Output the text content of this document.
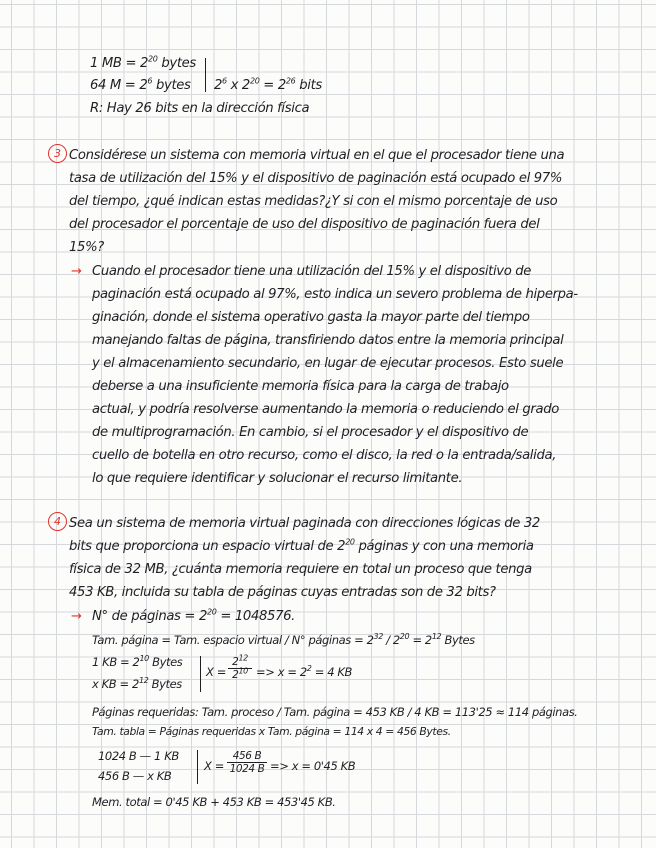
1 MB = $2^{20}$ bytes
64 $M = 2^6$ bytes $2^6$ x $2^{20} = 2^{26}$ bits
R: Hay 26 bits en la dirección física
3 Considérese un sistema con memoria virtual en el que el procesador tiene una
tasa de utilización del 15% y el dispositivo de paginación está ocupado el 97%
del tiempo, ¿qué indican estas medidas?¿Y si con el mismo porcentaje de uso
del procesador el porcentaje de uso del dispositivo de paginación fuera del
15%?
→ Cuando el procesador tiene una utilización del 15% y el dispositivo de
paginación está ocupado al 97%, esto indica un severo problema de hiperpa-
ginación, donde el sistema operativo gasta la mayor parte del tiempo
manejando faltas de página, transfiriendo datos entre la memoria principal
y el almacenamiento secundario, en lugar de ejecutar procesos. Esto suele
deberse a una insuficiente memoria física para la carga de trabajo
actual, y podría resolverse aumentando la memoria o reduciendo el grado
de multiprogramación. En cambio, si el procesador y el dispositivo de
cuello de botella en otro recurso, como el disco, la red o la entrada/salida,
lo que requiere identificar y solucionar el recurso limitante.
4 Sea un sistema de memoria virtual paginada con direcciones lógicas de 32
bits que proporciona un espacio virtual de $2^{20}$ páginas y con una memoria
física de 32 MB, ¿cuánta memoria requiere en total un proceso que tenga
453 KB, incluida su tabla de páginas cuyas entradas son de 32 bits?
→ N° de páginas = $2^{20} = 1048576$.
Tam. página = Tam. espacio virtual / N° páginas = $2^{32} / 2^{20} = 2^{12}$ Bytes
1 KB = $2^{10}$ Bytes
x KB = $2^{12}$ Bytes
$X = \frac{2^{12}}{2^{10}} => x = 2^2 = 4$ KB
Páginas requeridas: Tam. proceso / Tam. página = 453 KB / 4 KB = 113'25 ≈ 114 páginas.
Tam. tabla = Páginas requeridas x Tam. página = 114 x 4 = 456 Bytes.
1024 B — 1 KB
456 B — x KB
$X = \frac{456 B}{1024 B} => x = 0'45$ KB
Mem. total = 0'45 KB + 453 KB = 453'45 KB.
